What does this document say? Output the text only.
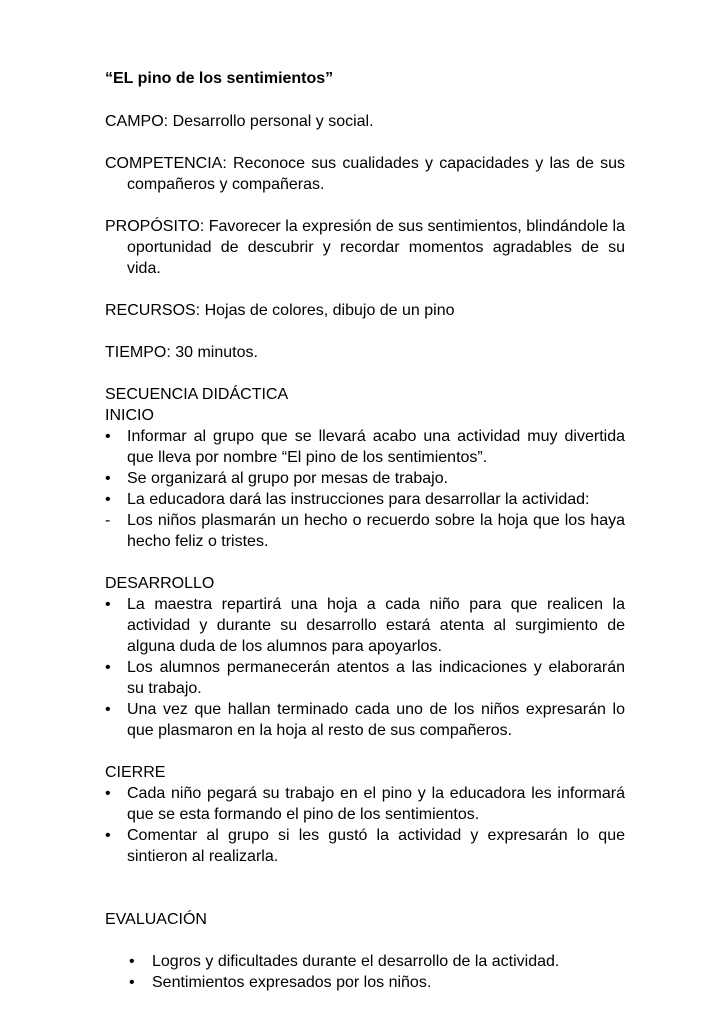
“EL pino de los sentimientos”

CAMPO: Desarrollo personal y social.

COMPETENCIA: Reconoce sus cualidades y capacidades y las de sus compañeros y compañeras.

PROPÓSITO: Favorecer la expresión de sus sentimientos, blindándole la oportunidad de descubrir y recordar momentos agradables de su vida.

RECURSOS: Hojas de colores, dibujo de un pino

TIEMPO: 30 minutos.

SECUENCIA DIDÁCTICA

INICIO

•	Informar al grupo que se llevará acabo una actividad muy divertida que lleva por nombre “El pino de los sentimientos”.
•	Se organizará al grupo por mesas de trabajo.
•	La educadora dará las instrucciones para desarrollar la actividad:
-	Los niños plasmarán un hecho o recuerdo sobre la hoja que los haya hecho feliz o tristes.

DESARROLLO

•	La maestra repartirá una hoja a cada niño para que realicen la actividad y durante su desarrollo estará atenta al surgimiento de alguna duda de los alumnos para apoyarlos.
•	Los alumnos permanecerán atentos a las indicaciones y elaborarán su trabajo.
•	Una vez que hallan terminado cada uno de los niños expresarán lo que plasmaron en la hoja al resto de sus compañeros.

CIERRE

•	Cada niño pegará su trabajo en el pino y la educadora les informará que se esta formando el pino de los sentimientos.
•	Comentar al grupo si les gustó la actividad y expresarán lo que sintieron al realizarla.

EVALUACIÓN

• Logros y dificultades durante el desarrollo de la actividad.
• Sentimientos expresados por los niños.
